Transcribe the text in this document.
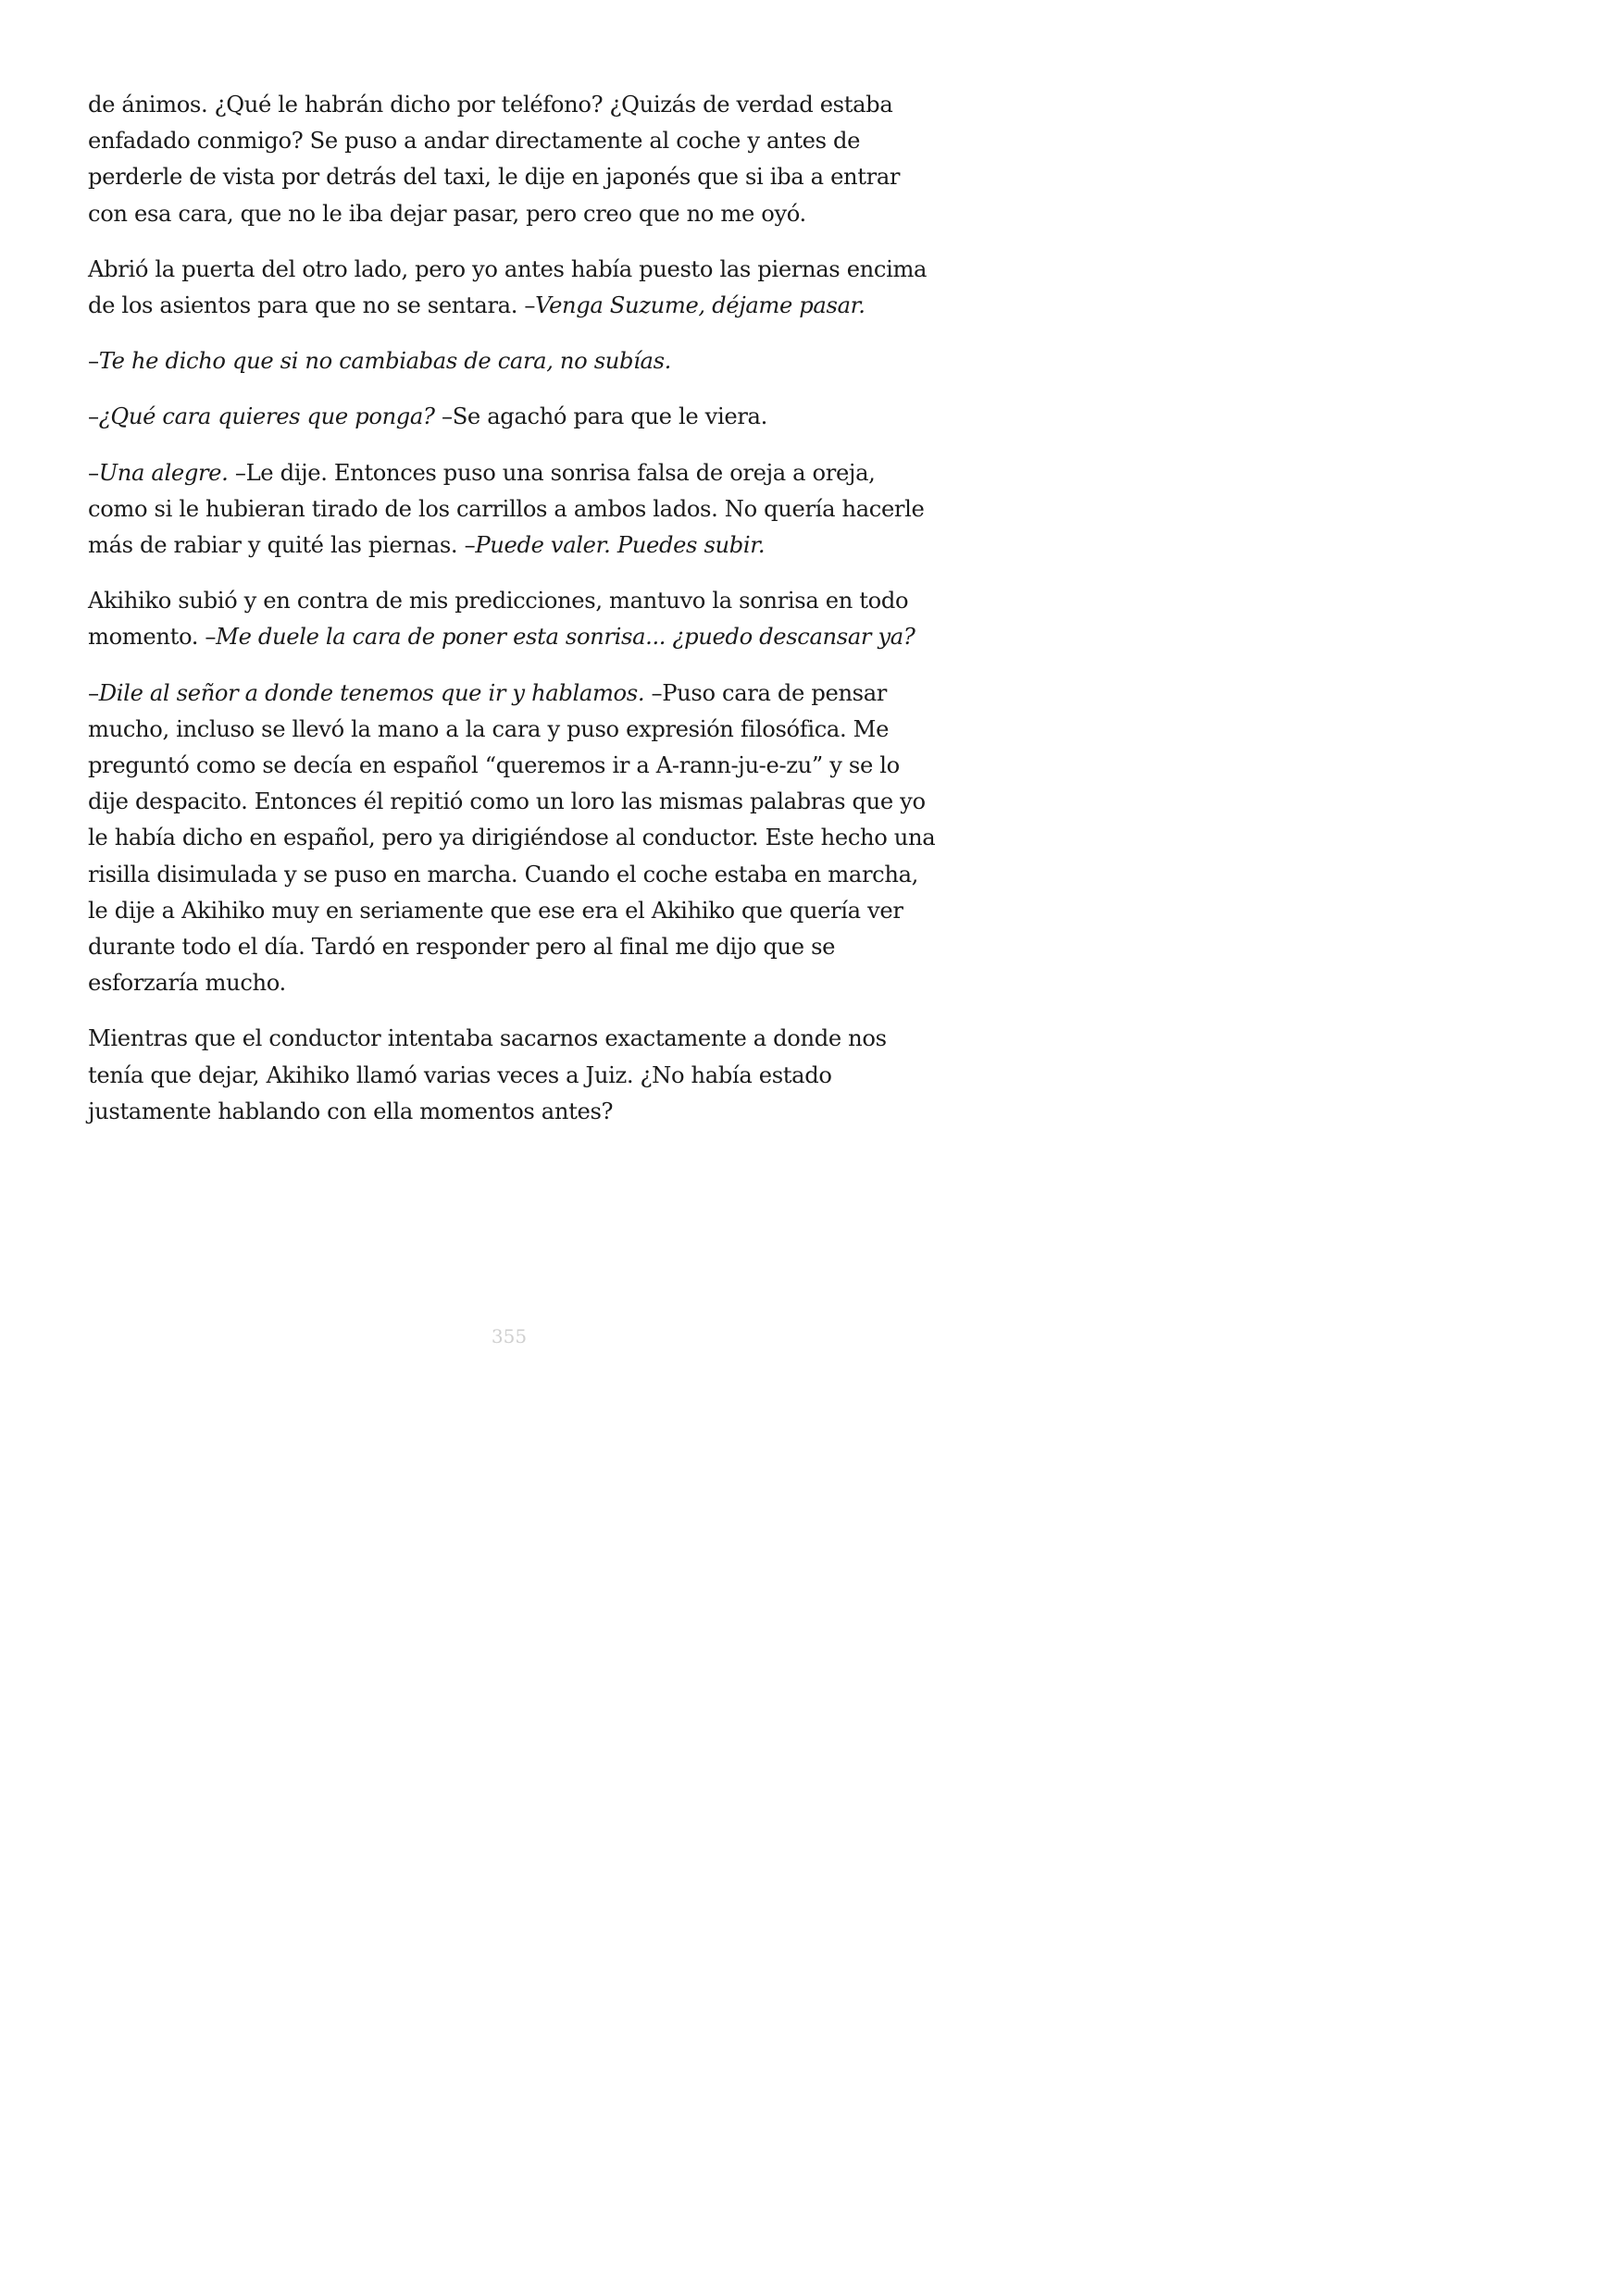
de ánimos. ¿Qué le habrán dicho por teléfono? ¿Quizás de verdad estaba enfadado conmigo? Se puso a andar directamente al coche y antes de perderle de vista por detrás del taxi, le dije en japonés que si iba a entrar con esa cara, que no le iba dejar pasar, pero creo que no me oyó.

Abrió la puerta del otro lado, pero yo antes había puesto las piernas encima de los asientos para que no se sentara. –Venga Suzume, déjame pasar.

–Te he dicho que si no cambiabas de cara, no subías.

–¿Qué cara quieres que ponga? –Se agachó para que le viera.

–Una alegre. –Le dije. Entonces puso una sonrisa falsa de oreja a oreja, como si le hubieran tirado de los carrillos a ambos lados. No quería hacerle más de rabiar y quité las piernas. –Puede valer. Puedes subir.

Akihiko subió y en contra de mis predicciones, mantuvo la sonrisa en todo momento. –Me duele la cara de poner esta sonrisa... ¿puedo descansar ya?

–Dile al señor a donde tenemos que ir y hablamos. –Puso cara de pensar mucho, incluso se llevó la mano a la cara y puso expresión filosófica. Me preguntó como se decía en español “queremos ir a A-rann-ju-e-zu” y se lo dije despacito. Entonces él repitió como un loro las mismas palabras que yo le había dicho en español, pero ya dirigiéndose al conductor. Este hecho una risilla disimulada y se puso en marcha. Cuando el coche estaba en marcha, le dije a Akihiko muy en seriamente que ese era el Akihiko que quería ver durante todo el día. Tardó en responder pero al final me dijo que se esforzaría mucho.

Mientras que el conductor intentaba sacarnos exactamente a donde nos tenía que dejar, Akihiko llamó varias veces a Juiz. ¿No había estado justamente hablando con ella momentos antes?

355
